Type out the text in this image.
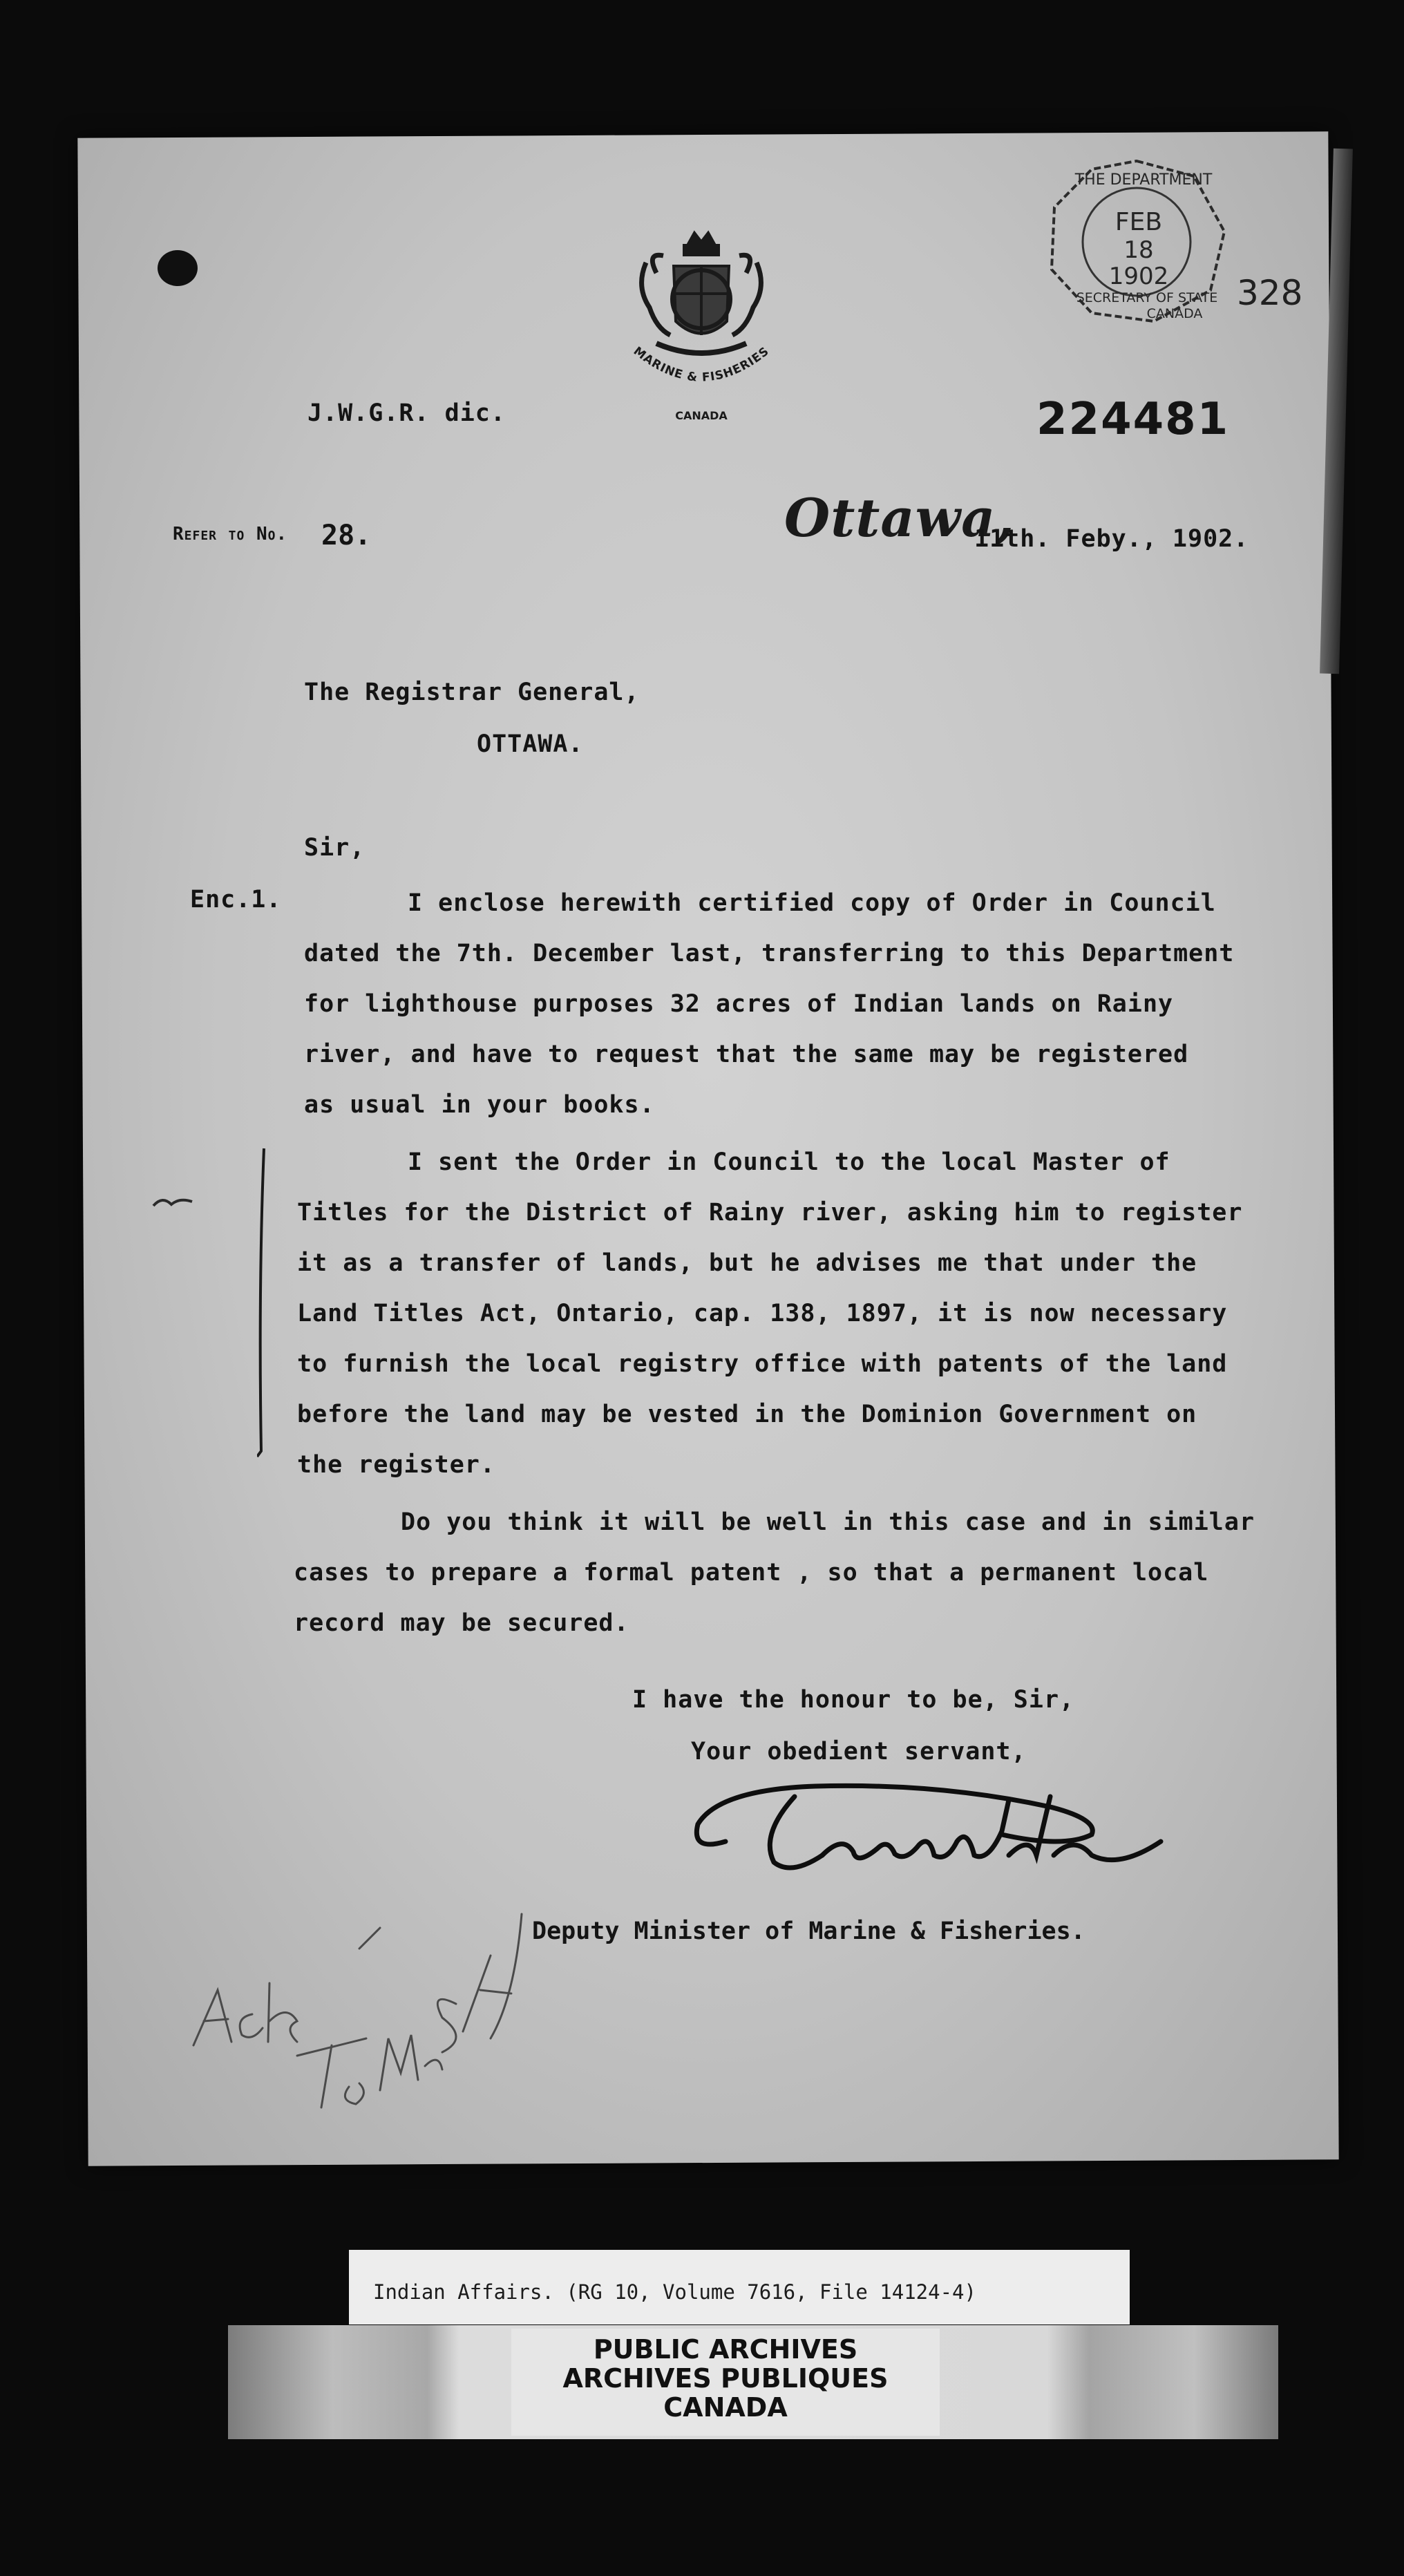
MARINE & FISHERIES
CANADA
THE DEPARTMENT
FEB
18
1902
SECRETARY OF STATE
CANADA
328
J.W.G.R. dic.	224481
Refer to No. 28.	Ottawa,
11th. Feby., 1902.
The Registrar General,
OTTAWA.
Sir,
Enc.1.	I enclose herewith certified copy of Order in Council
dated the 7th. December last, transferring to this Department
for lighthouse purposes 32 acres of Indian lands on Rainy
river, and have to request that the same may be registered
as usual in your books.
I sent the Order in Council to the local Master of
Titles for the District of Rainy river, asking him to register
it as a transfer of lands, but he advises me that under the
Land Titles Act, Ontario, cap. 138, 1897, it is now necessary
to furnish the local registry office with patents of the land
before the land may be vested in the Dominion Government on
the register.
Do you think it will be well in this case and in similar
cases to prepare a formal patent , so that a permanent local
record may be secured.
I have the honour to be, Sir,
Your obedient servant,
Deputy Minister of Marine & Fisheries.
Indian Affairs. (RG 10, Volume 7616, File 14124-4)
PUBLIC ARCHIVES
ARCHIVES PUBLIQUES
CANADA
